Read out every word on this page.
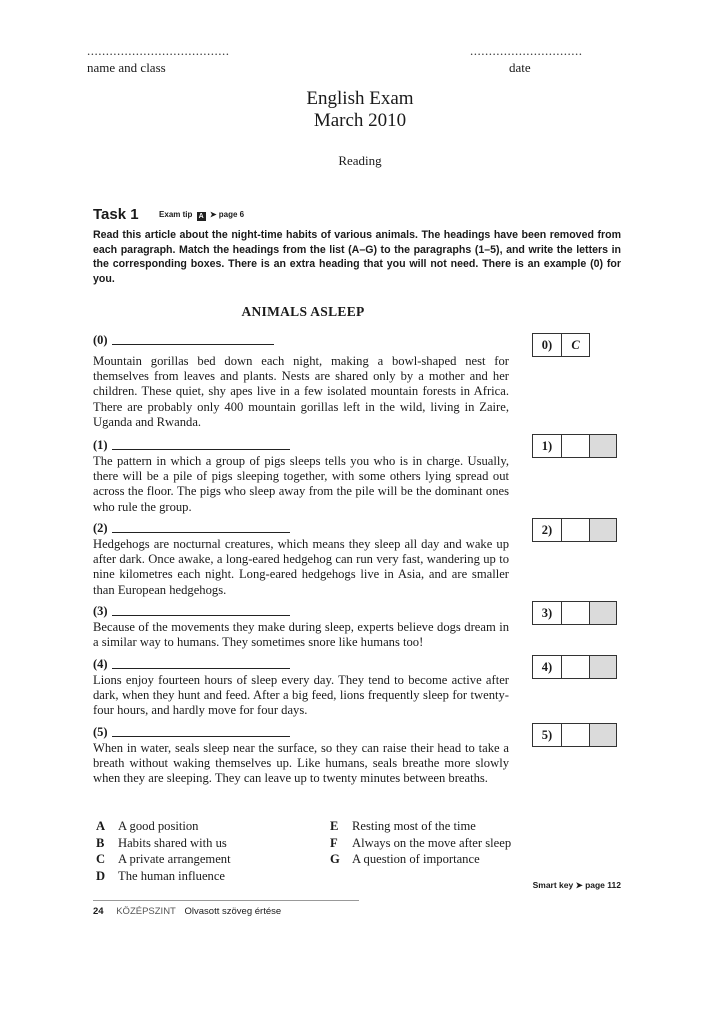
......................................
name and class
..............................
date
English Exam
March 2010
Reading
Task 1	Exam tip A ➤ page 6
Read this article about the night-time habits of various animals. The headings have been removed from each paragraph. Match the headings from the list (A–G) to the paragraphs (1–5), and write the letters in the corresponding boxes. There is an extra heading that you will not need. There is an example (0) for you.
ANIMALS ASLEEP
(0)
Mountain gorillas bed down each night, making a bowl-shaped nest for themselves from leaves and plants. Nests are shared only by a mother and her children. These quiet, shy apes live in a few isolated mountain forests in Africa. There are probably only 400 mountain gorillas left in the wild, living in Zaire, Uganda and Rwanda.
(1)
The pattern in which a group of pigs sleeps tells you who is in charge. Usually, there will be a pile of pigs sleeping together, with some others lying spread out across the floor. The pigs who sleep away from the pile will be the dominant ones who rule the group.
(2)
Hedgehogs are nocturnal creatures, which means they sleep all day and wake up after dark. Once awake, a long-eared hedgehog can run very fast, wandering up to nine kilometres each night. Long-eared hedgehogs live in Asia, and are smaller than European hedgehogs.
(3)
Because of the movements they make during sleep, experts believe dogs dream in a similar way to humans. They sometimes snore like humans too!
(4)
Lions enjoy fourteen hours of sleep every day. They tend to become active after dark, when they hunt and feed. After a big feed, lions frequently sleep for twenty-four hours, and hardly move for four days.
(5)
When in water, seals sleep near the surface, so they can raise their head to take a breath without waking themselves up. Like humans, seals breathe more slowly when they are sleeping. They can leave up to twenty minutes between breaths.
0)	C
1)
2)
3)
4)
5)
A	A good position
B	Habits shared with us
C	A private arrangement
D	The human influence
E	Resting most of the time
F	Always on the move after sleep
G A question of importance
Smart key ➤ page 112
24 KÖZÉPSZINT Olvasott szöveg értése
